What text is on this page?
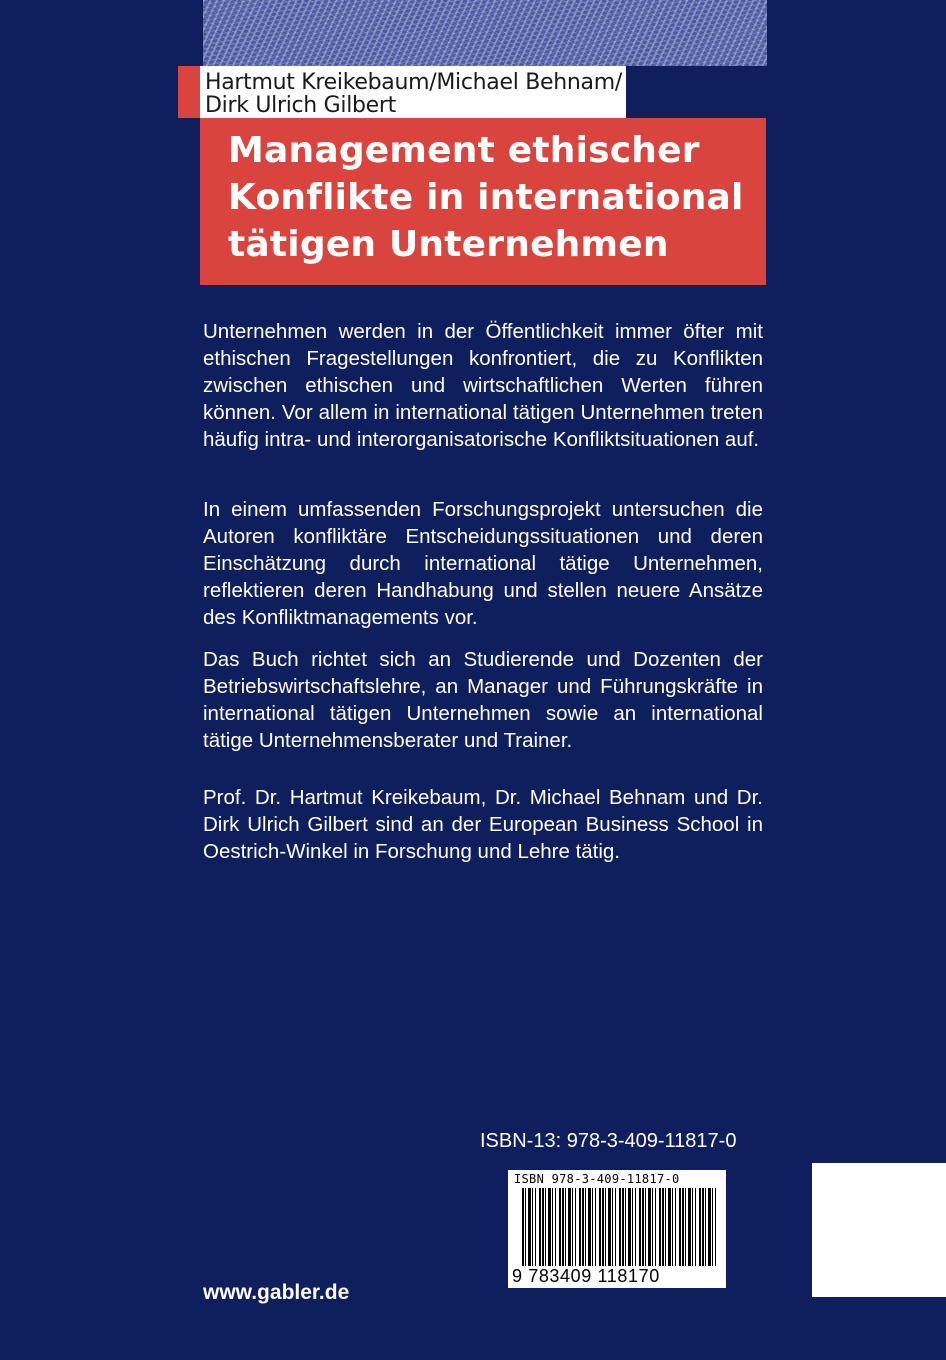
Hartmut Kreikebaum/Michael Behnam/
Dirk Ulrich Gilbert
Management ethischer
Konflikte in international
tätigen Unternehmen

Unternehmen werden in der Öffentlichkeit immer öfter mit ethischen Fragestellungen konfrontiert, die zu Konflikten zwischen ethischen und wirtschaftlichen Werten führen können. Vor allem in international tätigen Unternehmen treten häufig intra- und interorganisatorische Konfliktsituationen auf.

In einem umfassenden Forschungsprojekt untersuchen die Autoren konfliktäre Entscheidungssituationen und deren Einschätzung durch international tätige Unternehmen, reflektieren deren Handhabung und stellen neuere Ansätze des Konfliktmanagements vor.

Das Buch richtet sich an Studierende und Dozenten der Betriebswirtschaftslehre, an Manager und Führungskräfte in international tätigen Unternehmen sowie an international tätige Unternehmensberater und Trainer.

Prof. Dr. Hartmut Kreikebaum, Dr. Michael Behnam und Dr. Dirk Ulrich Gilbert sind an der European Business School in Oestrich-Winkel in Forschung und Lehre tätig.

ISBN-13: 978-3-409-11817-0
ISBN 978-3-409-11817-0
9 783409 118170
www.gabler.de
